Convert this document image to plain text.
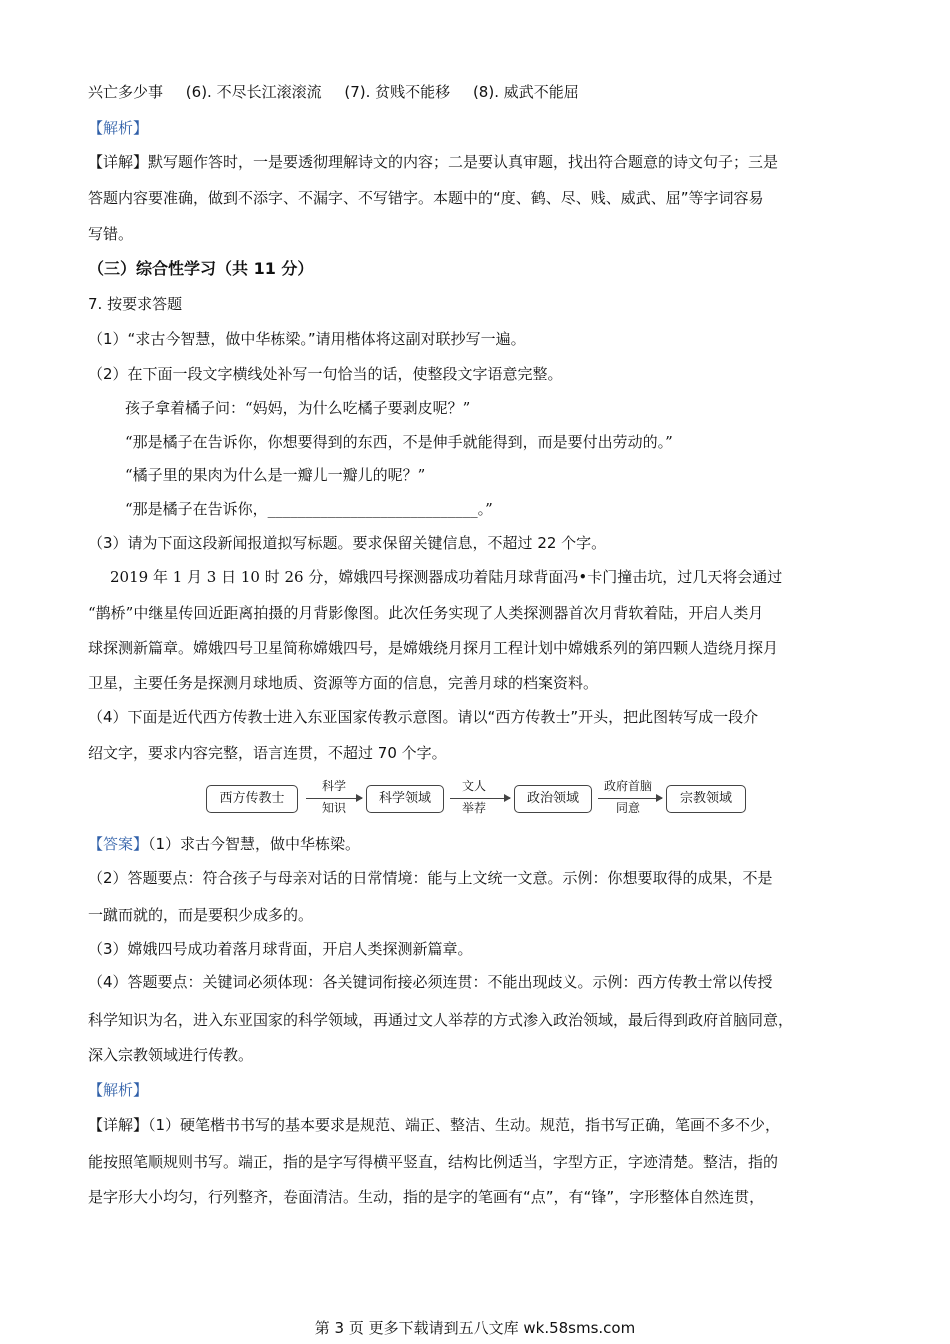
兴亡多少事 (6). 不尽长江滚滚流 (7). 贫贱不能移 (8). 威武不能屈
【解析】
【详解】默写题作答时，一是要透彻理解诗文的内容；二是要认真审题，找出符合题意的诗文句子；三是
答题内容要准确，做到不添字、不漏字、不写错字。本题中的“度、鹤、尽、贱、威武、屈”等字词容易
写错。
（三）综合性学习（共 11 分）
7. 按要求答题
（1）“求古今智慧，做中华栋梁。”请用楷体将这副对联抄写一遍。
（2）在下面一段文字横线处补写一句恰当的话，使整段文字语意完整。
孩子拿着橘子问：“妈妈，为什么吃橘子要剥皮呢？”
“那是橘子在告诉你，你想要得到的东西，不是伸手就能得到，而是要付出劳动的。”
“橘子里的果肉为什么是一瓣儿一瓣儿的呢？”
“那是橘子在告诉你，____________________________。”
（3）请为下面这段新闻报道拟写标题。要求保留关键信息，不超过 22 个字。
2019 年 1 月 3 日 10 时 26 分，嫦娥四号探测器成功着陆月球背面冯•卡门撞击坑，过几天将会通过
“鹊桥”中继星传回近距离拍摄的月背影像图。此次任务实现了人类探测器首次月背软着陆，开启人类月
球探测新篇章。嫦娥四号卫星简称嫦娥四号，是嫦娥绕月探月工程计划中嫦娥系列的第四颗人造绕月探月
卫星，主要任务是探测月球地质、资源等方面的信息，完善月球的档案资料。
（4）下面是近代西方传教士进入东亚国家传教示意图。请以“西方传教士”开头，把此图转写成一段介
绍文字，要求内容完整，语言连贯，不超过 70 个字。
西方传教士
科学
知识
科学领域
文人
举荐
政治领域
政府首脑
同意
宗教领域
【答案】（1）求古今智慧，做中华栋梁。
（2）答题要点：符合孩子与母亲对话的日常情境：能与上文统一文意。示例：你想要取得的成果，不是
一蹴而就的，而是要积少成多的。
（3）嫦娥四号成功着落月球背面，开启人类探测新篇章。
（4）答题要点：关键词必须体现：各关键词衔接必须连贯：不能出现歧义。示例：西方传教士常以传授
科学知识为名，进入东亚国家的科学领域，再通过文人举荐的方式渗入政治领域，最后得到政府首脑同意，
深入宗教领域进行传教。
【解析】
【详解】（1）硬笔楷书书写的基本要求是规范、端正、整洁、生动。规范，指书写正确，笔画不多不少，
能按照笔顺规则书写。端正，指的是字写得横平竖直，结构比例适当，字型方正，字迹清楚。整洁，指的
是字形大小均匀，行列整齐，卷面清洁。生动，指的是字的笔画有“点”，有“锋”，字形整体自然连贯，
第 3 页 更多下载请到五八文库 wk.58sms.com
